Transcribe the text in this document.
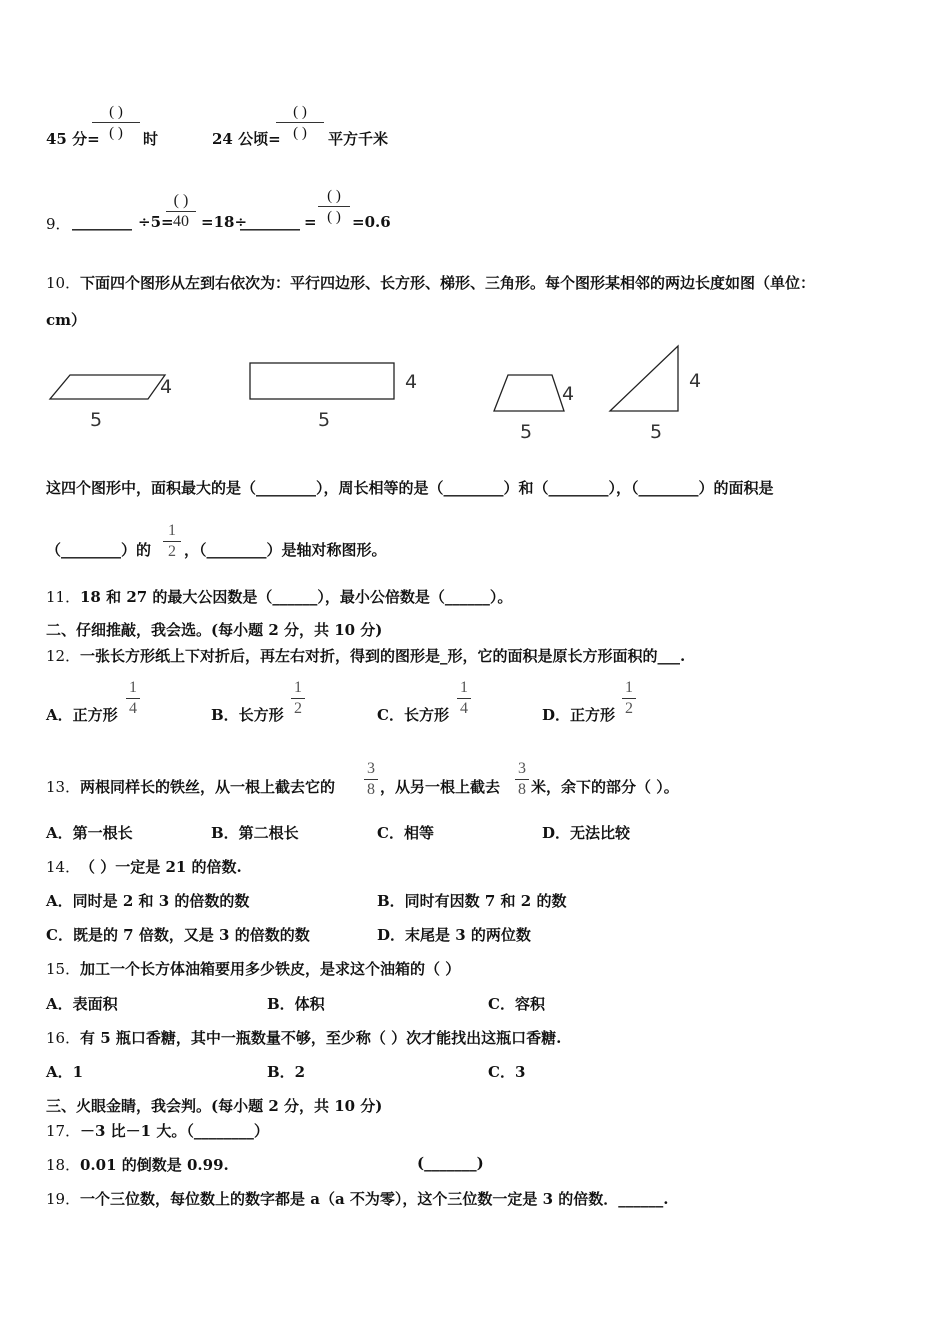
45 分=
( )
( )	时	24 公顷=
( )
( )	平方千米
9． ________ ÷5=
( )
40 =18÷
________ =
( )
( ) =0.6
10． 下面四个图形从左到右依次为：平行四边形、长方形、梯形、三角形。每个图形某相邻的两边长度如图（单位：
cm）
4
5
4
5
4
5
4
5
这四个图形中，面积最大的是（________），周长相等的是（________）和（________），（________）的面积是
（________）的
1
2 ，（________）是轴对称图形。
11． 18 和 27 的最大公因数是（______），最小公倍数是（______）。
二、仔细推敲，我会选。(每小题 2 分，共 10 分)
12． 一张长方形纸上下对折后，再左右对折，得到的图形是_形，它的面积是原长方形面积的___.
A．正方形
1
4	B．长方形
1
2	C．长方形
1
4	D．正方形
1
2
13． 两根同样长的铁丝，从一根上截去它的
3
8 ，从另一根上截去
3
8 米，余下的部分（ ）。
A．第一根长	B．第二根长	C．相等	D．无法比较
14． （ ）一定是 21 的倍数.
A．同时是 2 和 3 的倍数的数	B．同时有因数 7 和 2 的数
C．既是的 7 倍数，又是 3 的倍数的数	D．末尾是 3 的两位数
15． 加工一个长方体油箱要用多少铁皮，是求这个油箱的（ ）
A．表面积	B．体积	C．容积
16． 有 5 瓶口香糖，其中一瓶数量不够，至少称（ ）次才能找出这瓶口香糖.
A．1	B．2	C．3
三、火眼金睛，我会判。(每小题 2 分，共 10 分)
17． －3 比－1 大。（________）
18． 0.01 的倒数是 0.99.	(_______)
19． 一个三位数，每位数上的数字都是 a（a 不为零），这个三位数一定是 3 的倍数．______.
